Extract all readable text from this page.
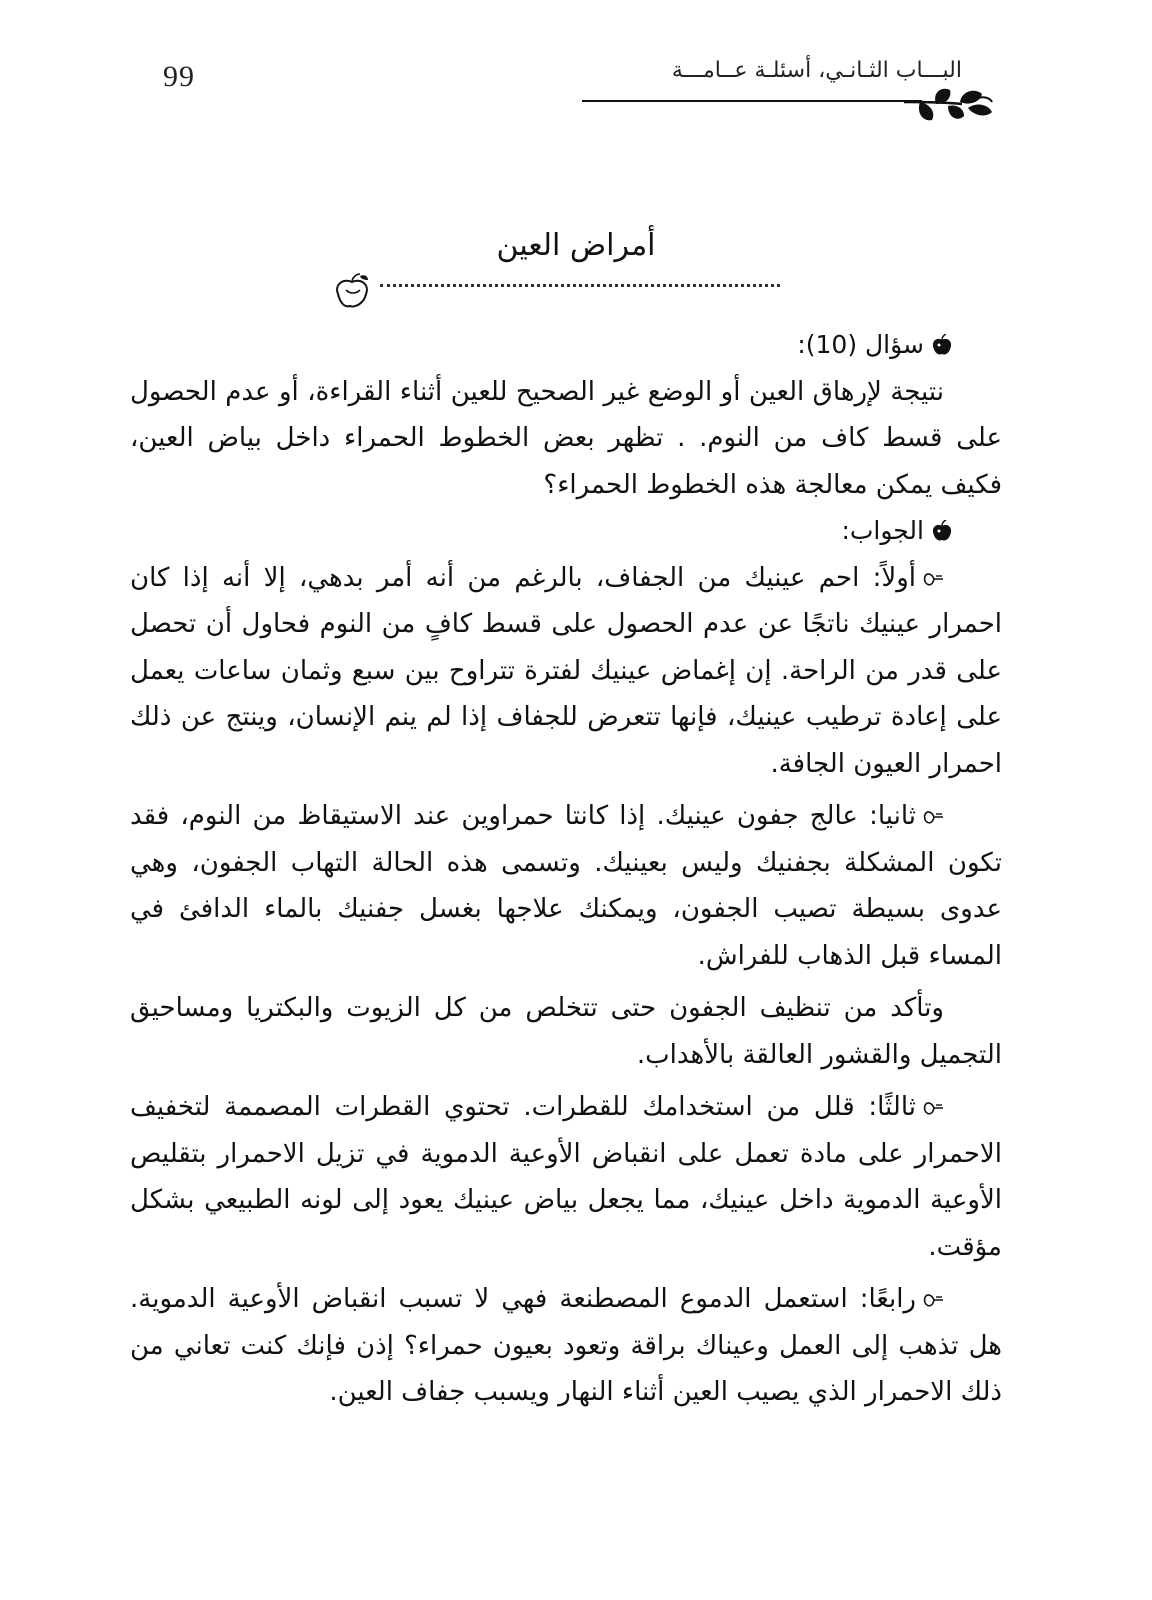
99	البـــاب الثـانـي، أسئلـة عــامـــة
أمراض العين

سؤال (10):

نتيجة لإرهاق العين أو الوضع غير الصحيح للعين أثناء القراءة، أو عدم الحصول على قسط كاف من النوم. . تظهر بعض الخطوط الحمراء داخل بياض العين، فكيف يمكن معالجة هذه الخطوط الحمراء؟

الجواب:

أولاً: احم عينيك من الجفاف، بالرغم من أنه أمر بدهي، إلا أنه إذا كان احمرار عينيك ناتجًا عن عدم الحصول على قسط كافٍ من النوم فحاول أن تحصل على قدر من الراحة. إن إغماض عينيك لفترة تتراوح بين سبع وثمان ساعات يعمل على إعادة ترطيب عينيك، فإنها تتعرض للجفاف إذا لم ينم الإنسان، وينتج عن ذلك احمرار العيون الجافة.

ثانيا: عالج جفون عينيك. إذا كانتا حمراوين عند الاستيقاظ من النوم، فقد تكون المشكلة بجفنيك وليس بعينيك. وتسمى هذه الحالة التهاب الجفون، وهي عدوى بسيطة تصيب الجفون، ويمكنك علاجها بغسل جفنيك بالماء الدافئ في المساء قبل الذهاب للفراش.

وتأكد من تنظيف الجفون حتى تتخلص من كل الزيوت والبكتريا ومساحيق التجميل والقشور العالقة بالأهداب.

ثالثًا: قلل من استخدامك للقطرات. تحتوي القطرات المصممة لتخفيف الاحمرار على مادة تعمل على انقباض الأوعية الدموية في تزيل الاحمرار بتقليص الأوعية الدموية داخل عينيك، مما يجعل بياض عينيك يعود إلى لونه الطبيعي بشكل مؤقت.

رابعًا: استعمل الدموع المصطنعة فهي لا تسبب انقباض الأوعية الدموية. هل تذهب إلى العمل وعيناك براقة وتعود بعيون حمراء؟ إذن فإنك كنت تعاني من ذلك الاحمرار الذي يصيب العين أثناء النهار ويسبب جفاف العين.
